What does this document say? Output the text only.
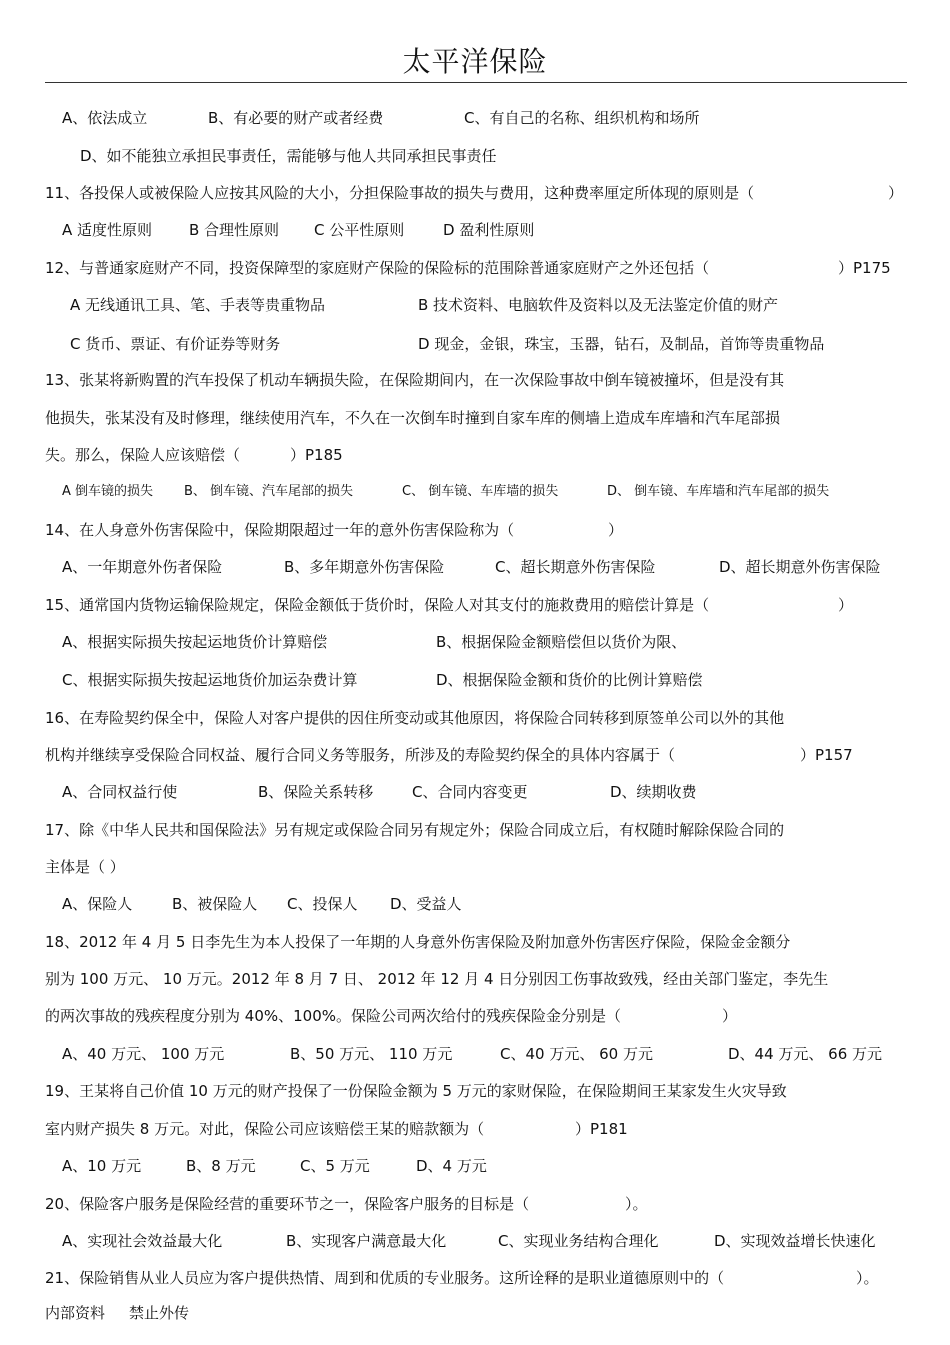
太平洋保险
A、依法成立	B、有必要的财产或者经费	C、有自己的名称、组织机构和场所
D、如不能独立承担民事责任，需能够与他人共同承担民事责任
11、各投保人或被保险人应按其风险的大小，分担保险事故的损失与费用，这种费率厘定所体现的原则是（	）
A 适度性原则 B 合理性原则 C 公平性原则	D 盈利性原则
12、与普通家庭财产不同，投资保障型的家庭财产保险的保险标的范围除普通家庭财产之外还包括（	）P175
A 无线通讯工具、笔、手表等贵重物品	B 技术资料、电脑软件及资料以及无法鉴定价值的财产
C 货币、票证、有价证券等财务	D 现金，金银，珠宝，玉器，钻石，及制品，首饰等贵重物品
13、张某将新购置的汽车投保了机动车辆损失险，在保险期间内，在一次保险事故中倒车镜被撞坏，但是没有其
他损失，张某没有及时修理，继续使用汽车，不久在一次倒车时撞到自家车库的侧墙上造成车库墙和汽车尾部损
失。那么，保险人应该赔偿（	）P185
A 倒车镜的损失 B、 倒车镜、汽车尾部的损失	C、 倒车镜、车库墙的损失	D、 倒车镜、车库墙和汽车尾部的损失
14、在人身意外伤害保险中，保险期限超过一年的意外伤害保险称为（	）
A、一年期意外伤者保险	B、多年期意外伤害保险	C、超长期意外伤害保险	D、超长期意外伤害保险
15、通常国内货物运输保险规定，保险金额低于货价时，保险人对其支付的施救费用的赔偿计算是（	）
A、根据实际损失按起运地货价计算赔偿	B、根据保险金额赔偿但以货价为限、
C、根据实际损失按起运地货价加运杂费计算	D、根据保险金额和货价的比例计算赔偿
16、在寿险契约保全中，保险人对客户提供的因住所变动或其他原因，将保险合同转移到原签单公司以外的其他
机构并继续享受保险合同权益、履行合同义务等服务，所涉及的寿险契约保全的具体内容属于（	）P157
A、合同权益行使	B、保险关系转移	C、合同内容变更	D、续期收费
17、除《中华人民共和国保险法》另有规定或保险合同另有规定外；保险合同成立后，有权随时解除保险合同的
主体是（ ）
A、保险人	B、被保险人 C、投保人 D、受益人
18、2012 年 4 月 5 日李先生为本人投保了一年期的人身意外伤害保险及附加意外伤害医疗保险，保险金金额分
别为 100 万元、 10 万元。2012 年 8 月 7 日、 2012 年 12 月 4 日分别因工伤事故致残，经由关部门鉴定，李先生
的两次事故的残疾程度分别为 40%、100%。保险公司两次给付的残疾保险金分别是（	）
A、40 万元、 100 万元	B、50 万元、 110 万元	C、40 万元、 60 万元	D、44 万元、 66 万元
19、王某将自己价值 10 万元的财产投保了一份保险金额为 5 万元的家财保险，在保险期间王某家发生火灾导致
室内财产损失 8 万元。对此，保险公司应该赔偿王某的赔款额为（	）P181
A、10 万元	B、8 万元	C、5 万元	D、4 万元
20、保险客户服务是保险经营的重要环节之一，保险客户服务的目标是（	）。
A、实现社会效益最大化	B、实现客户满意最大化	C、实现业务结构合理化	D、实现效益增长快速化
21、保险销售从业人员应为客户提供热情、周到和优质的专业服务。这所诠释的是职业道德原则中的（	）。
内部资料 禁止外传
